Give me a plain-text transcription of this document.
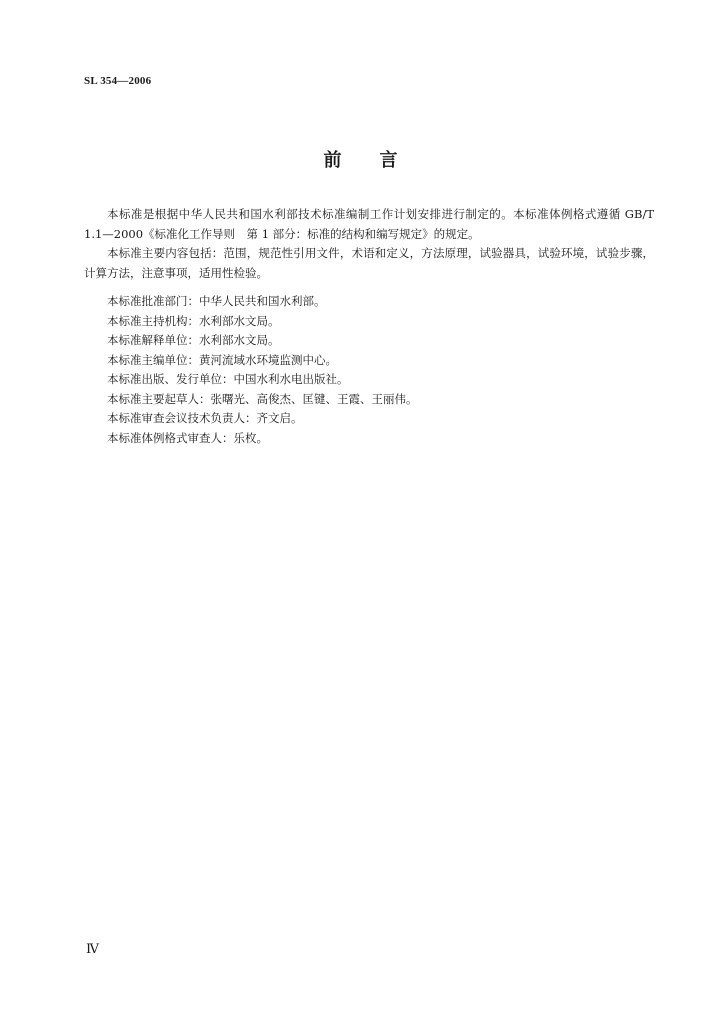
SL 354—2006
前言

本标准是根据中华人民共和国水利部技术标准编制工作计划安排进行制定的。本标准体例格式遵循 GB/T 1.1—2000《标准化工作导则　第 1 部分：标准的结构和编写规定》的规定。

本标准主要内容包括：范围，规范性引用文件，术语和定义，方法原理，试验器具，试验环境，试验步骤，计算方法，注意事项，适用性检验。

本标准批准部门：中华人民共和国水利部。

本标准主持机构：水利部水文局。

本标准解释单位：水利部水文局。

本标准主编单位：黄河流域水环境监测中心。

本标准出版、发行单位：中国水利水电出版社。

本标准主要起草人：张曙光、高俊杰、匡键、王霞、王丽伟。

本标准审查会议技术负责人：齐文启。

本标准体例格式审查人：乐枚。

Ⅳ
